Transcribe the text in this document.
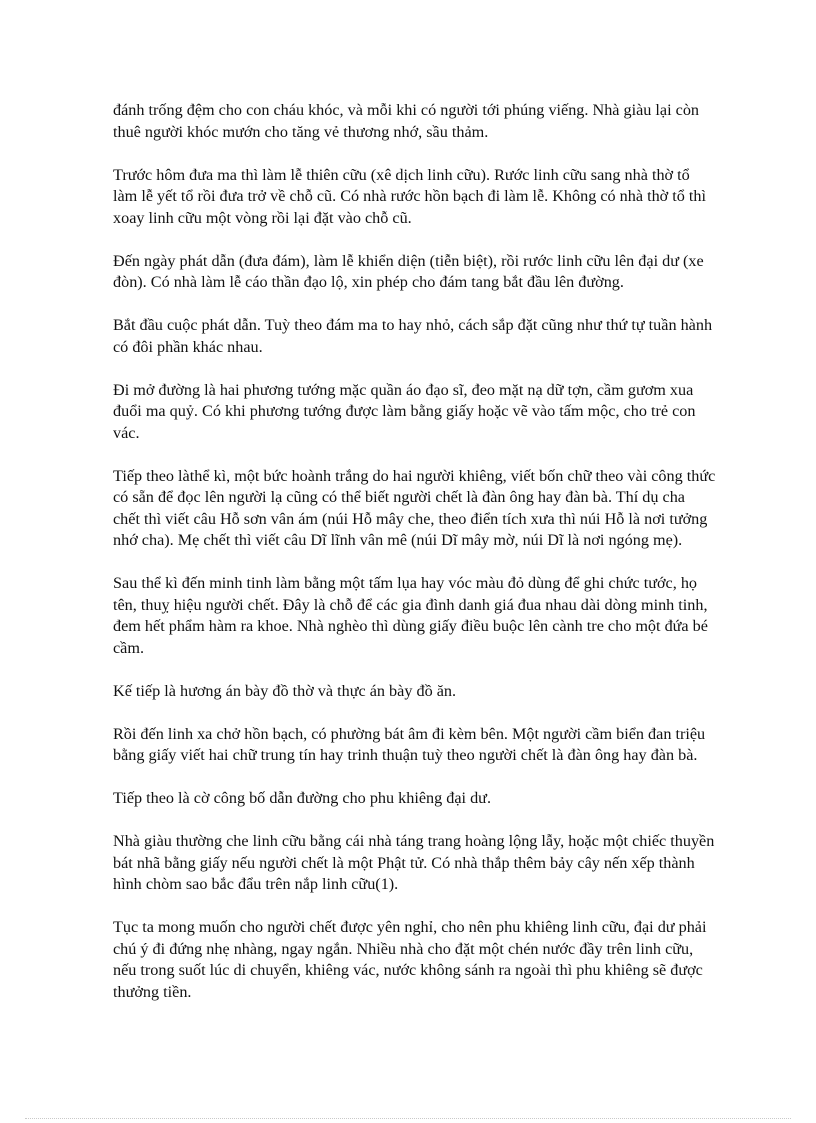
đánh trống đệm cho con cháu khóc, và mỗi khi có người tới phúng viếng. Nhà giàu lại còn
thuê người khóc mướn cho tăng vẻ thương nhớ, sầu thảm.

Trước hôm đưa ma thì làm lễ thiên cữu (xê dịch linh cữu). Rước linh cữu sang nhà thờ tổ
làm lễ yết tổ rồi đưa trở về chỗ cũ. Có nhà rước hồn bạch đi làm lễ. Không có nhà thờ tổ thì
xoay linh cữu một vòng rồi lại đặt vào chỗ cũ.

Đến ngày phát dẫn (đưa đám), làm lễ khiển diện (tiễn biệt), rồi rước linh cữu lên đại dư (xe
đòn). Có nhà làm lễ cáo thần đạo lộ, xin phép cho đám tang bắt đầu lên đường.

Bắt đầu cuộc phát dẫn. Tuỳ theo đám ma to hay nhỏ, cách sắp đặt cũng như thứ tự tuần hành
có đôi phần khác nhau.

Đi mở đường là hai phương tướng mặc quần áo đạo sĩ, đeo mặt nạ dữ tợn, cầm gươm xua
đuổi ma quỷ. Có khi phương tướng được làm bằng giấy hoặc vẽ vào tấm mộc, cho trẻ con
vác.

Tiếp theo làthể kì, một bức hoành trắng do hai người khiêng, viết bốn chữ theo vài công thức
có sẵn để đọc lên người lạ cũng có thể biết người chết là đàn ông hay đàn bà. Thí dụ cha
chết thì viết câu Hỗ sơn vân ám (núi Hỗ mây che, theo điển tích xưa thì núi Hỗ là nơi tưởng
nhớ cha). Mẹ chết thì viết câu Dĩ lĩnh vân mê (núi Dĩ mây mờ, núi Dĩ là nơi ngóng mẹ).

Sau thể kì đến minh tinh làm bằng một tấm lụa hay vóc màu đỏ dùng để ghi chức tước, họ
tên, thuỵ hiệu người chết. Đây là chỗ để các gia đình danh giá đua nhau dài dòng minh tinh,
đem hết phẩm hàm ra khoe. Nhà nghèo thì dùng giấy điều buộc lên cành tre cho một đứa bé
cầm.

Kế tiếp là hương án bày đồ thờ và thực án bày đồ ăn.

Rồi đến linh xa chở hồn bạch, có phường bát âm đi kèm bên. Một người cầm biển đan triệu
bằng giấy viết hai chữ trung tín hay trinh thuận tuỳ theo người chết là đàn ông hay đàn bà.

Tiếp theo là cờ công bố dẫn đường cho phu khiêng đại dư.

Nhà giàu thường che linh cữu bằng cái nhà táng trang hoàng lộng lẫy, hoặc một chiếc thuyền
bát nhã bằng giấy nếu người chết là một Phật tử. Có nhà thắp thêm bảy cây nến xếp thành
hình chòm sao bắc đẩu trên nắp linh cữu(1).

Tục ta mong muốn cho người chết được yên nghỉ, cho nên phu khiêng linh cữu, đại dư phải
chú ý đi đứng nhẹ nhàng, ngay ngắn. Nhiều nhà cho đặt một chén nước đầy trên linh cữu,
nếu trong suốt lúc di chuyển, khiêng vác, nước không sánh ra ngoài thì phu khiêng sẽ được
thưởng tiền.
